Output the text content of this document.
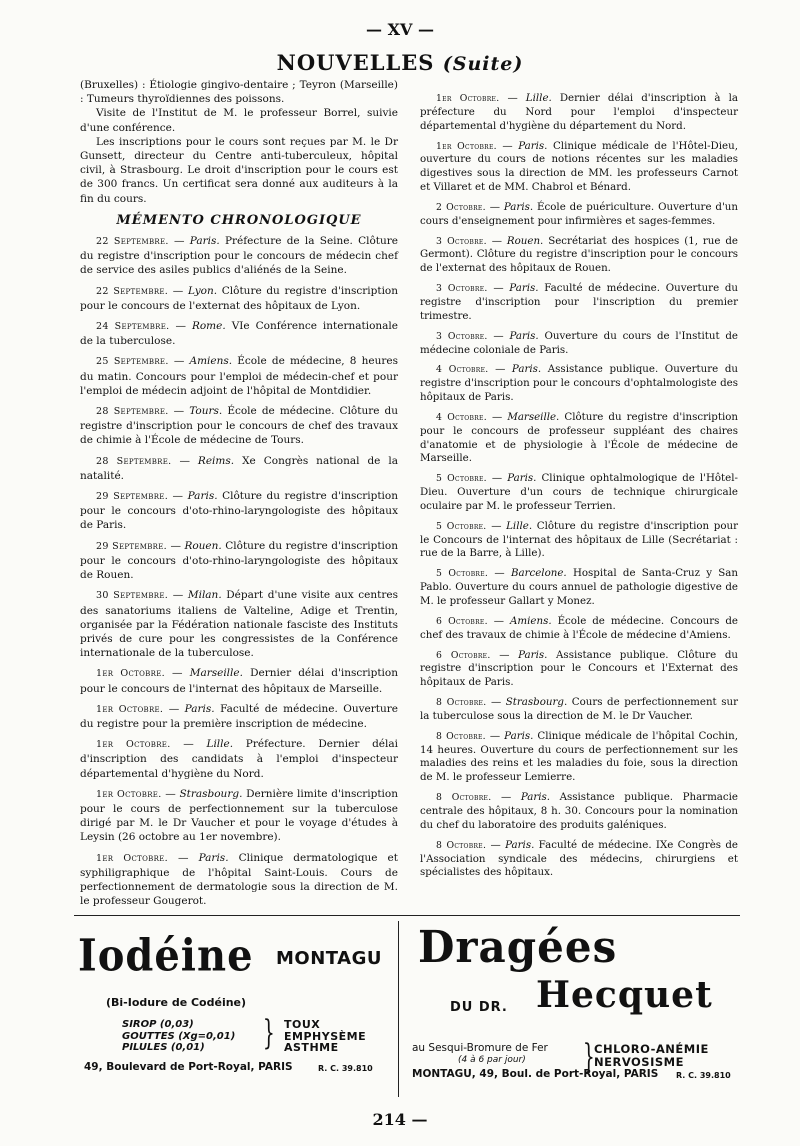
— XV —
NOUVELLES (Suite)

(Bruxelles) : Étiologie gingivo-dentaire ; Teyron (Marseille) : Tumeurs thyroïdiennes des poissons.

Visite de l'Institut de M. le professeur Borrel, suivie d'une conférence.

Les inscriptions pour le cours sont reçues par M. le Dr Gunsett, directeur du Centre anti-tuberculeux, hôpital civil, à Strasbourg. Le droit d'inscription pour le cours est de 300 francs. Un certificat sera donné aux auditeurs à la fin du cours.

MÉMENTO CHRONOLOGIQUE

22 Septembre. — Paris. Préfecture de la Seine. Clôture du registre d'inscription pour le concours de médecin chef de service des asiles publics d'aliénés de la Seine.

22 Septembre. — Lyon. Clôture du registre d'inscription pour le concours de l'externat des hôpitaux de Lyon.

24 Septembre. — Rome. VIe Conférence internationale de la tuberculose.

25 Septembre. — Amiens. École de médecine, 8 heures du matin. Concours pour l'emploi de médecin-chef et pour l'emploi de médecin adjoint de l'hôpital de Montdidier.

28 Septembre. — Tours. École de médecine. Clôture du registre d'inscription pour le concours de chef des travaux de chimie à l'École de médecine de Tours.

28 Septembre. — Reims. Xe Congrès national de la natalité.

29 Septembre. — Paris. Clôture du registre d'inscription pour le concours d'oto-rhino-laryngologiste des hôpitaux de Paris.

29 Septembre. — Rouen. Clôture du registre d'inscription pour le concours d'oto-rhino-laryngologiste des hôpitaux de Rouen.

30 Septembre. — Milan. Départ d'une visite aux centres des sanatoriums italiens de Valteline, Adige et Trentin, organisée par la Fédération nationale fasciste des Instituts privés de cure pour les congressistes de la Conférence internationale de la tuberculose.

1er Octobre. — Marseille. Dernier délai d'inscription pour le concours de l'internat des hôpitaux de Marseille.

1er Octobre. — Paris. Faculté de médecine. Ouverture du registre pour la première inscription de médecine.

1er Octobre. — Lille. Préfecture. Dernier délai d'inscription des candidats à l'emploi d'inspecteur départemental d'hygiène du Nord.

1er Octobre. — Strasbourg. Dernière limite d'inscription pour le cours de perfectionnement sur la tuberculose dirigé par M. le Dr Vaucher et pour le voyage d'études à Leysin (26 octobre au 1er novembre).

1er Octobre. — Paris. Clinique dermatologique et syphiligraphique de l'hôpital Saint-Louis. Cours de perfectionnement de dermatologie sous la direction de M. le professeur Gougerot.

1er Octobre. — Lille. Dernier délai d'inscription à la préfecture du Nord pour l'emploi d'inspecteur départemental d'hygiène du département du Nord.

1er Octobre. — Paris. Clinique médicale de l'Hôtel-Dieu, ouverture du cours de notions récentes sur les maladies digestives sous la direction de MM. les professeurs Carnot et Villaret et de MM. Chabrol et Bénard.

2 Octobre. — Paris. École de puériculture. Ouverture d'un cours d'enseignement pour infirmières et sages-femmes.

3 Octobre. — Rouen. Secrétariat des hospices (1, rue de Germont). Clôture du registre d'inscription pour le concours de l'externat des hôpitaux de Rouen.

3 Octobre. — Paris. Faculté de médecine. Ouverture du registre d'inscription pour l'inscription du premier trimestre.

3 Octobre. — Paris. Ouverture du cours de l'Institut de médecine coloniale de Paris.

4 Octobre. — Paris. Assistance publique. Ouverture du registre d'inscription pour le concours d'ophtalmologiste des hôpitaux de Paris.

4 Octobre. — Marseille. Clôture du registre d'inscription pour le concours de professeur suppléant des chaires d'anatomie et de physiologie à l'École de médecine de Marseille.

5 Octobre. — Paris. Clinique ophtalmologique de l'Hôtel-Dieu. Ouverture d'un cours de technique chirurgicale oculaire par M. le professeur Terrien.

5 Octobre. — Lille. Clôture du registre d'inscription pour le Concours de l'internat des hôpitaux de Lille (Secrétariat : rue de la Barre, à Lille).

5 Octobre. — Barcelone. Hospital de Santa-Cruz y San Pablo. Ouverture du cours annuel de pathologie digestive de M. le professeur Gallart y Monez.

6 Octobre. — Amiens. École de médecine. Concours de chef des travaux de chimie à l'École de médecine d'Amiens.

6 Octobre. — Paris. Assistance publique. Clôture du registre d'inscription pour le Concours et l'Externat des hôpitaux de Paris.

8 Octobre. — Strasbourg. Cours de perfectionnement sur la tuberculose sous la direction de M. le Dr Vaucher.

8 Octobre. — Paris. Clinique médicale de l'hôpital Cochin, 14 heures. Ouverture du cours de perfectionnement sur les maladies des reins et les maladies du foie, sous la direction de M. le professeur Lemierre.

8 Octobre. — Paris. Assistance publique. Pharmacie centrale des hôpitaux, 8 h. 30. Concours pour la nomination du chef du laboratoire des produits galéniques.

8 Octobre. — Paris. Faculté de médecine. IXe Congrès de l'Association syndicale des médecins, chirurgiens et spécialistes des hôpitaux.

Iodéine MONTAGU
(Bi-Iodure de Codéine)
SIROP (0,03)
GOUTTES (Xg=0,01)
PILULES (0,01)	} TOUX
EMPHYSÈME
ASTHME
49, Boulevard de Port-Royal, PARIS	R. C. 39.810
Dragées
DU DR. Hecquet
au Sesqui-Bromure de Fer
(4 à 6 par jour) } CHLORO-ANÉMIE
NERVOSISME
MONTAGU, 49, Boul. de Port-Royal, PARIS R. C. 39.810
214 —
